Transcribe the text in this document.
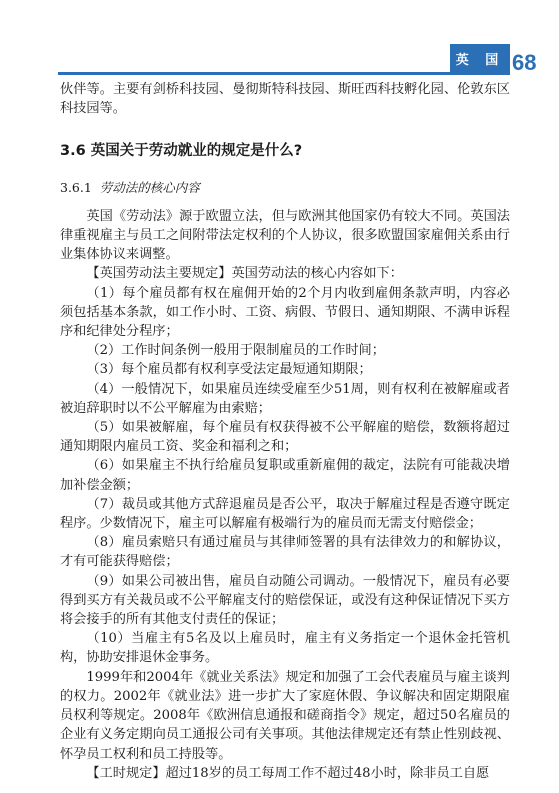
英 国 68

伙伴等。主要有剑桥科技园、曼彻斯特科技园、斯旺西科技孵化园、伦敦东区科技园等。

3.6 英国关于劳动就业的规定是什么?
3.6.1 劳动法的核心内容

英国《劳动法》源于欧盟立法，但与欧洲其他国家仍有较大不同。英国法律重视雇主与员工之间附带法定权利的个人协议，很多欧盟国家雇佣关系由行业集体协议来调整。

【英国劳动法主要规定】英国劳动法的核心内容如下：

（1）每个雇员都有权在雇佣开始的2个月内收到雇佣条款声明，内容必须包括基本条款，如工作小时、工资、病假、节假日、通知期限、不满申诉程序和纪律处分程序；

（2）工作时间条例一般用于限制雇员的工作时间；

（3）每个雇员都有权利享受法定最短通知期限；

（4）一般情况下，如果雇员连续受雇至少51周，则有权利在被解雇或者被迫辞职时以不公平解雇为由索赔；

（5）如果被解雇，每个雇员有权获得被不公平解雇的赔偿，数额将超过通知期限内雇员工资、奖金和福利之和；

（6）如果雇主不执行给雇员复职或重新雇佣的裁定，法院有可能裁决增加补偿金额；

（7）裁员或其他方式辞退雇员是否公平，取决于解雇过程是否遵守既定程序。少数情况下，雇主可以解雇有极端行为的雇员而无需支付赔偿金；

（8）雇员索赔只有通过雇员与其律师签署的具有法律效力的和解协议，才有可能获得赔偿；

（9）如果公司被出售，雇员自动随公司调动。一般情况下，雇员有必要得到买方有关裁员或不公平解雇支付的赔偿保证，或没有这种保证情况下买方将会接手的所有其他支付责任的保证；

（10）当雇主有5名及以上雇员时，雇主有义务指定一个退休金托管机构，协助安排退休金事务。

1999年和2004年《就业关系法》规定和加强了工会代表雇员与雇主谈判的权力。2002年《就业法》进一步扩大了家庭休假、争议解决和固定期限雇员权利等规定。2008年《欧洲信息通报和磋商指令》规定，超过50名雇员的企业有义务定期向员工通报公司有关事项。其他法律规定还有禁止性别歧视、怀孕员工权利和员工持股等。

【工时规定】超过18岁的员工每周工作不超过48小时，除非员工自愿
